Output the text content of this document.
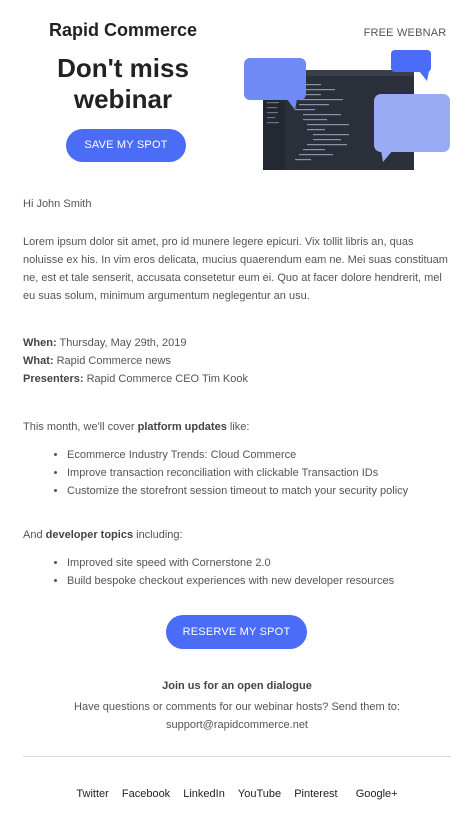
Rapid Commerce
Don't miss webinar
SAVE MY SPOT
FREE WEBNAR
Hi John Smith
Lorem ipsum dolor sit amet, pro id munere legere epicuri. Vix tollit libris an, quas noluisse ex his. In vim eros delicata, mucius quaerendum eam ne. Mei suas constituam ne, est et tale senserit, accusata consetetur eum ei. Quo at facer dolore hendrerit, mel eu suas solum, minimum argumentum neglegentur an usu.
When: Thursday, May 29th, 2019
What: Rapid Commerce news
Presenters: Rapid Commerce CEO Tim Kook
This month, we'll cover platform updates like:
• Ecommerce Industry Trends: Cloud Commerce
• Improve transaction reconciliation with clickable Transaction IDs
• Customize the storefront session timeout to match your security policy
And developer topics including:
• Improved site speed with Cornerstone 2.0
• Build bespoke checkout experiences with new developer resources
RESERVE MY SPOT
Join us for an open dialogue
Have questions or comments for our webinar hosts? Send them to:
support@rapidcommerce.net
Twitter Facebook LinkedIn YouTube Pinterest Google+
